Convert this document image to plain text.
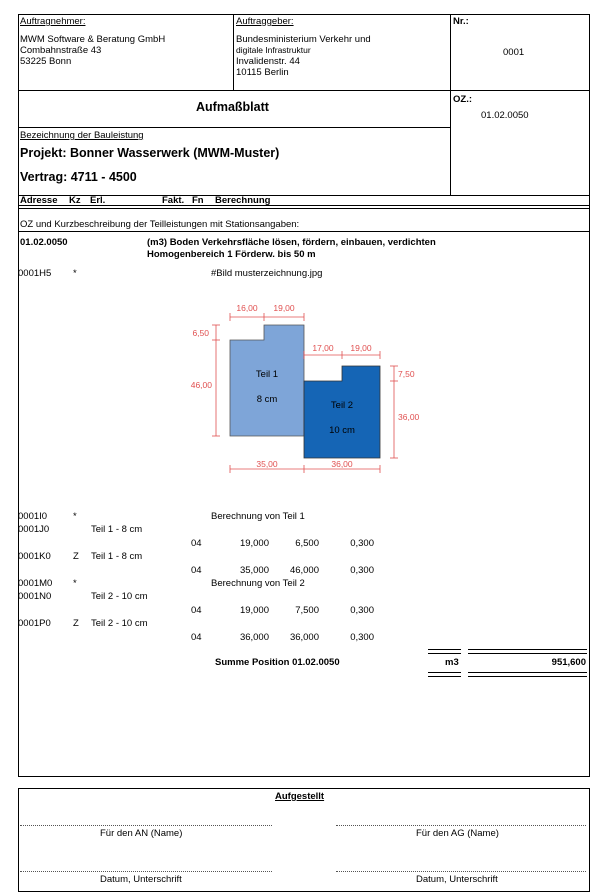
Auftragnehmer:
MWM Software & Beratung GmbH
Combahnstraße 43
53225 Bonn
Auftraggeber:
Bundesministerium Verkehr und
digitale Infrastruktur
Invalidenstr. 44
10115 Berlin
Nr.:
0001
Aufmaßblatt
OZ.:
01.02.0050
Bezeichnung der Bauleistung
Projekt: Bonner Wasserwerk (MWM-Muster)
Vertrag: 4711 - 4500
Adresse Kz Erl.	Fakt. Fn Berechnung
OZ und Kurzbeschreibung der Teilleistungen mit Stationsangaben:
01.02.0050	(m3) Boden Verkehrsfläche lösen, fördern, einbauen, verdichten
Homogenbereich 1 Förderw. bis 50 m
0001H5 *	#Bild musterzeichnung.jpg
Teil 1
8 cm
Teil 2
10 cm
16,00 19,00
6,50
46,00
17,00 19,00
7,50
36,00
35,00	36,00
0001I0	*	Berechnung von Teil 1
0001J0	Teil 1 - 8 cm
04	19,000	6,500	0,300
0001K0 Z Teil 1 - 8 cm
04	35,000 46,000	0,300
0001M0 *	Berechnung von Teil 2
0001N0	Teil 2 - 10 cm
04	19,000	7,500	0,300
0001P0 Z Teil 2 - 10 cm
04	36,000 36,000	0,300
Summe Position 01.02.0050	m3	951,600
Aufgestellt
Für den AN (Name)	Für den AG (Name)
Datum, Unterschrift	Datum, Unterschrift
